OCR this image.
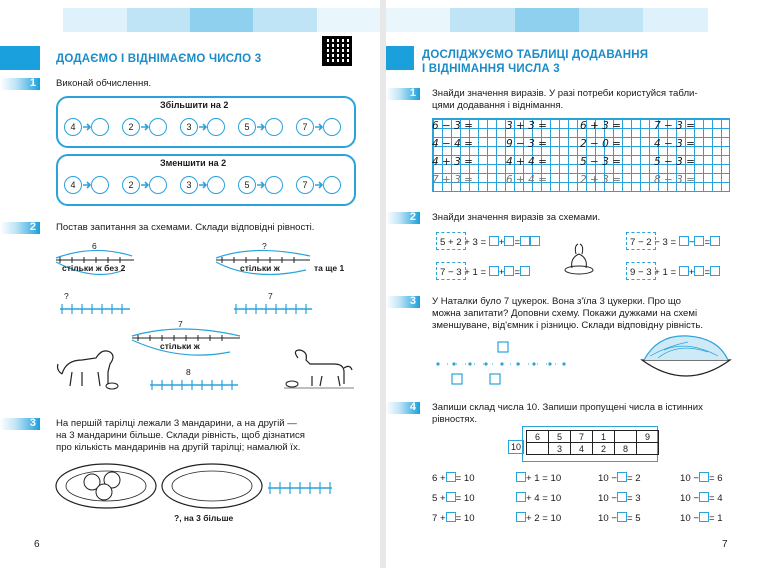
ДОДАЄМО І ВІДНІМАЄМО ЧИСЛО 3
1 Виконай обчислення.
Збільшити на 2
4	2	3	5	7
Зменшити на 2
4	2	3	5	7
2 Постав запитання за схемами. Склади відповідні рівності.
6
стільки ж без 2
?
?
стільки ж	та ще 1
7
7
стільки ж
8
3 На першій тарілці лежали 3 мандарини, а на другій —
на 3 мандарини більше. Склади рівність, щоб дізнатися
про кількість мандаринів на другій тарілці; намалюй їх.
?, на 3 більше
6
ДОСЛІДЖУЄМО ТАБЛИЦІ ДОДАВАННЯ
І ВІДНІМАННЯ ЧИСЛА 3
1 Знайди значення виразів. У разі потреби користуйся табли-
цями додавання і віднімання.
6 − 3 =	3 + 3 =	6 + 3 =	7 − 3 =
4 − 4 =	9 − 3 =	2 − 0 =	4 − 3 =
4 + 3 =	4 + 4 =	5 − 3 =	5 − 3 =
7 + 3 =	6 + 4 =	2 + 3 =	8 − 3 =
2 Знайди значення виразів за схемами.
5 + 2 + 3 = + =
7 − 3 + 1 = + =
7 − 2 − 3 = − =
9 − 3 + 1 = + =
3 У Наталки було 7 цукерок. Вона з'їла 3 цукерки. Про що
можна запитати? Доповни схему. Покажи дужками на схемі
зменшуване, від'ємник і різницю. Склади відповідну рівність.
4 Запиши склад числа 10. Запиши пропущені числа в істинних
рівностях.
10
6	5	7	1		9
	3	4	2	8	
6 + = 10	+ 1 = 10	10 − = 2	10 − = 6
5 + = 10	+ 4 = 10	10 − = 3	10 − = 4
7 + = 10	+ 2 = 10	10 − = 5	10 − = 1
7
